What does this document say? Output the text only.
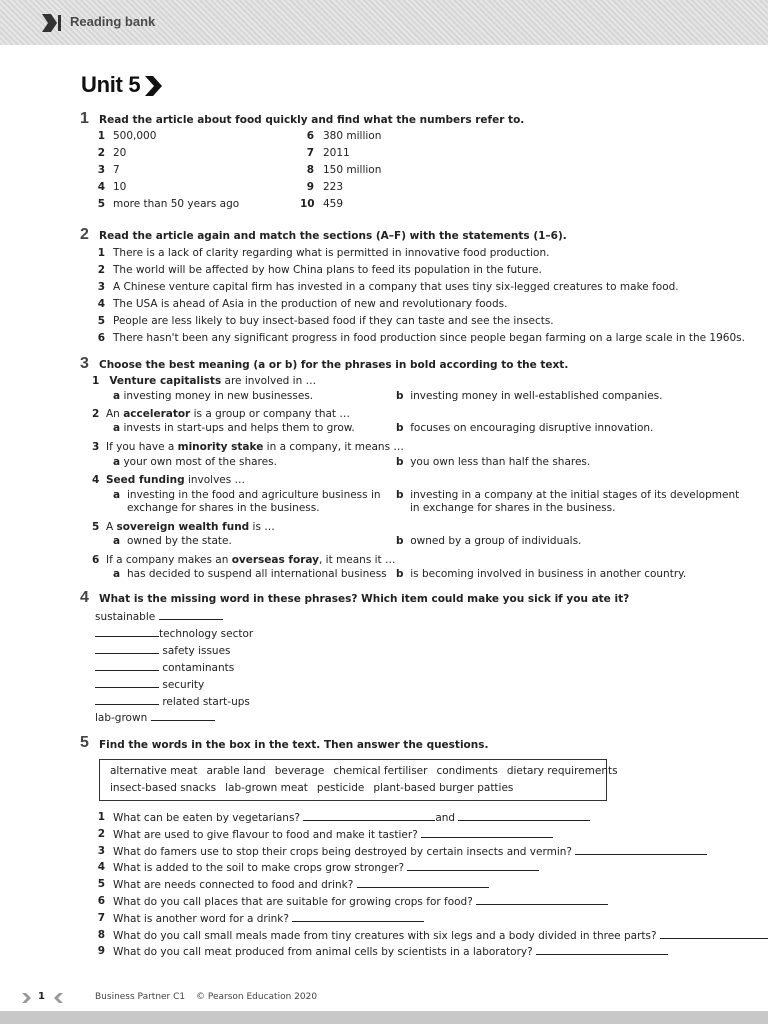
Reading bank
Unit 5
1 Read the article about food quickly and find what the numbers refer to.
1 500,000
2 20
3 7
4 10
5 more than 50 years ago
6 380 million
7 2011
8 150 million
9 223
10 459
2 Read the article again and match the sections (A–F) with the statements (1–6).
1 There is a lack of clarity regarding what is permitted in innovative food production.
2 The world will be affected by how China plans to feed its population in the future.
3 A Chinese venture capital firm has invested in a company that uses tiny six-legged creatures to make food.
4 The USA is ahead of Asia in the production of new and revolutionary foods.
5 People are less likely to buy insect-based food if they can taste and see the insects.
6 There hasn't been any significant progress in food production since people began farming on a large scale in the 1960s.
3 Choose the best meaning (a or b) for the phrases in bold according to the text.
1 Venture capitalists are involved in …
a investing money in new businesses.	b investing money in well-established companies.
2 An accelerator is a group or company that …
a invests in start-ups and helps them to grow.	b focuses on encouraging disruptive innovation.
3 If you have a minority stake in a company, it means …
a your own most of the shares.	b you own less than half the shares.
4 Seed funding involves …
a investing in the food and agriculture business in
exchange for shares in the business.
b investing in a company at the initial stages of its development
in exchange for shares in the business.
5 A sovereign wealth fund is …
a owned by the state.	b owned by a group of individuals.
6 If a company makes an overseas foray, it means it …
a has decided to suspend all international business b is becoming involved in business in another country.
4 What is the missing word in these phrases? Which item could make you sick if you ate it?
sustainable
technology sector
safety issues
contaminants
security
related start-ups
lab-grown
5 Find the words in the box in the text. Then answer the questions.
alternative meat arable land beverage chemical fertiliser condiments dietary requirements
insect-based snacks lab-grown meat pesticide plant-based burger patties
1 What can be eaten by vegetarians?	and
2 What are used to give flavour to food and make it tastier?
3 What do famers use to stop their crops being destroyed by certain insects and vermin?
4 What is added to the soil to make crops grow stronger?
5 What are needs connected to food and drink?
6 What do you call places that are suitable for growing crops for food?
7 What is another word for a drink?
8 What do you call small meals made from tiny creatures with six legs and a body divided in three parts?
9 What do you call meat produced from animal cells by scientists in a laboratory?
1	Business Partner C1 © Pearson Education 2020
